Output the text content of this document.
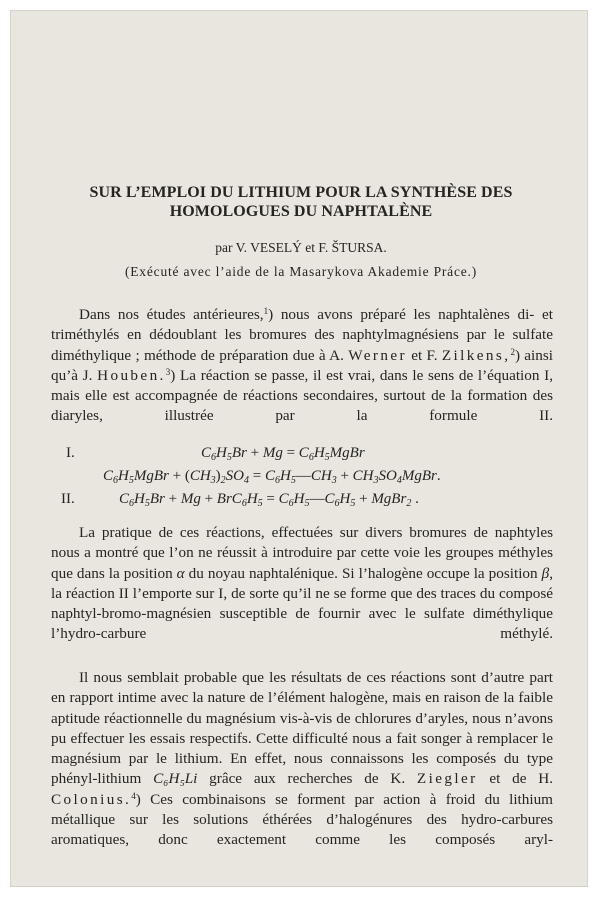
SUR L’EMPLOI DU LITHIUM POUR LA SYNTHÈSE DES
HOMOLOGUES DU NAPHTALÈNE
par V. VESELÝ et F. ŠTURSA.
(Exécuté avec l’aide de la Masarykova Akademie Práce.)
Dans nos études antérieures,$^1$) nous avons préparé les naphtalènes di- et triméthylés en dédoublant les bromures des naphtylmagnésiens par le sulfate diméthylique ; méthode de préparation due à A. Werner et F. Zilkens,$^2$) ainsi qu’à J. Houben.$^3$) La réaction se passe, il est vrai, dans le sens de l’équation I, mais elle est accompagnée de réactions secondaires, surtout de la formation des diaryles, illustrée par la formule II.
I.	$C_6H_5Br + Mg$ = $C_6H_5MgBr$
$C_6H_5MgBr + (CH_3)_2SO_4$ = $C_6H_5—CH_3$ + $CH_3SO_4MgBr$.
II.	$C_6H_5Br + Mg + BrC_6H_5$ = $C_6H_5—C_6H_5$ + MgBr$_2$ .
La pratique de ces réactions, effectuées sur divers bromures de naphtyles nous a montré que l’on ne réussit à introduire par cette voie les groupes méthyles que dans la position α du noyau naphtalénique. Si l’halogène occupe la position β, la réaction II l’emporte sur I, de sorte qu’il ne se forme que des traces du composé naphtyl-bromo-magnésien susceptible de fournir avec le sulfate diméthylique l’hydro-carbure méthylé.
Il nous semblait probable que les résultats de ces réactions sont d’autre part en rapport intime avec la nature de l’élément halogène, mais en raison de la faible aptitude réactionnelle du magnésium vis-à-vis de chlorures d’aryles, nous n’avons pu effectuer les essais respectifs. Cette difficulté nous a fait songer à remplacer le magnésium par le lithium. En effet, nous connaissons les composés du type phényl-lithium C₆H₅Li grâce aux recherches de K. Ziegler et de H. Colonius.$^4$) Ces combinaisons se forment par action à froid du lithium métallique sur les solutions éthérées d’halogénures des hydro-carbures aromatiques, donc exactement comme les composés aryl-
